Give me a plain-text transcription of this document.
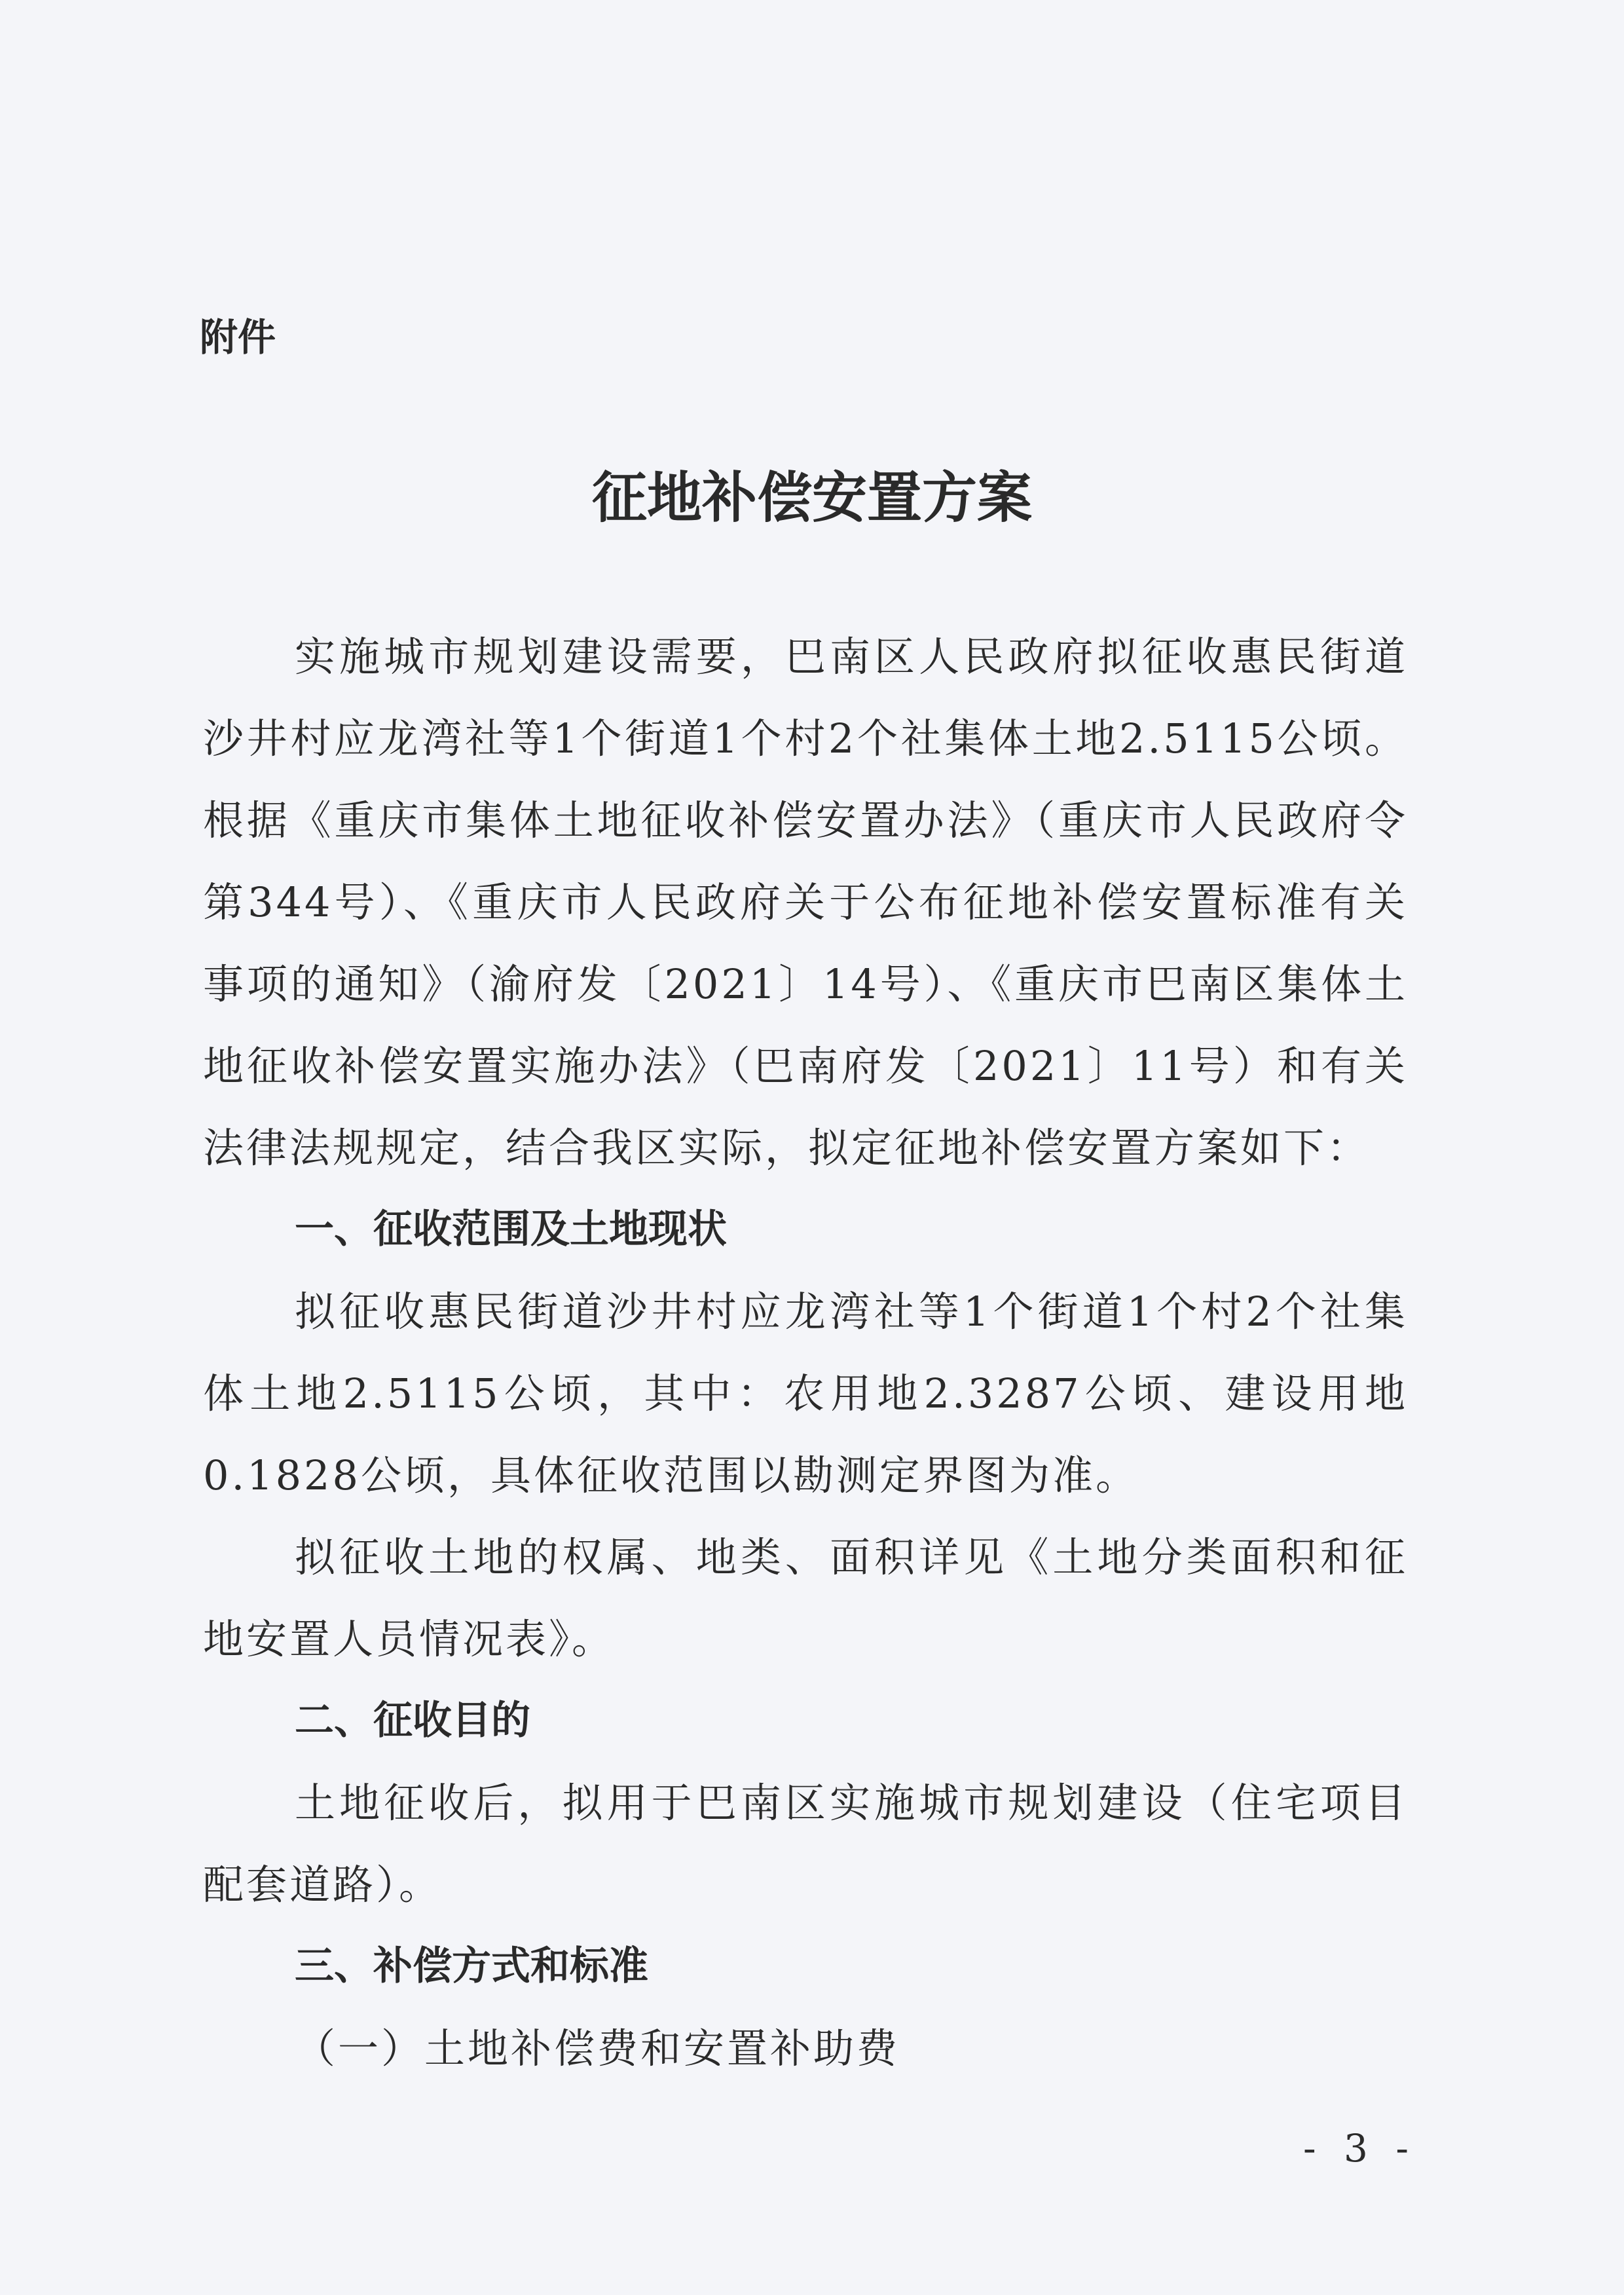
附件
征地补偿安置方案

实施城市规划建设需要，巴南区人民政府拟征收惠民街道沙井村应龙湾社等1个街道1个村2个社集体土地2.5115公顷。根据《重庆市集体土地征收补偿安置办法》（重庆市人民政府令第344号）、《重庆市人民政府关于公布征地补偿安置标准有关事项的通知》（渝府发〔2021〕14号）、《重庆市巴南区集体土地征收补偿安置实施办法》（巴南府发〔2021〕11号）和有关法律法规规定，结合我区实际，拟定征地补偿安置方案如下：

一、征收范围及土地现状

拟征收惠民街道沙井村应龙湾社等1个街道1个村2个社集体土地2.5115公顷，其中：农用地2.3287公顷、建设用地0.1828公顷，具体征收范围以勘测定界图为准。

拟征收土地的权属、地类、面积详见《土地分类面积和征地安置人员情况表》。

二、征收目的

土地征收后，拟用于巴南区实施城市规划建设（住宅项目配套道路）。

三、补偿方式和标准

（一）土地补偿费和安置补助费

- 3 -
